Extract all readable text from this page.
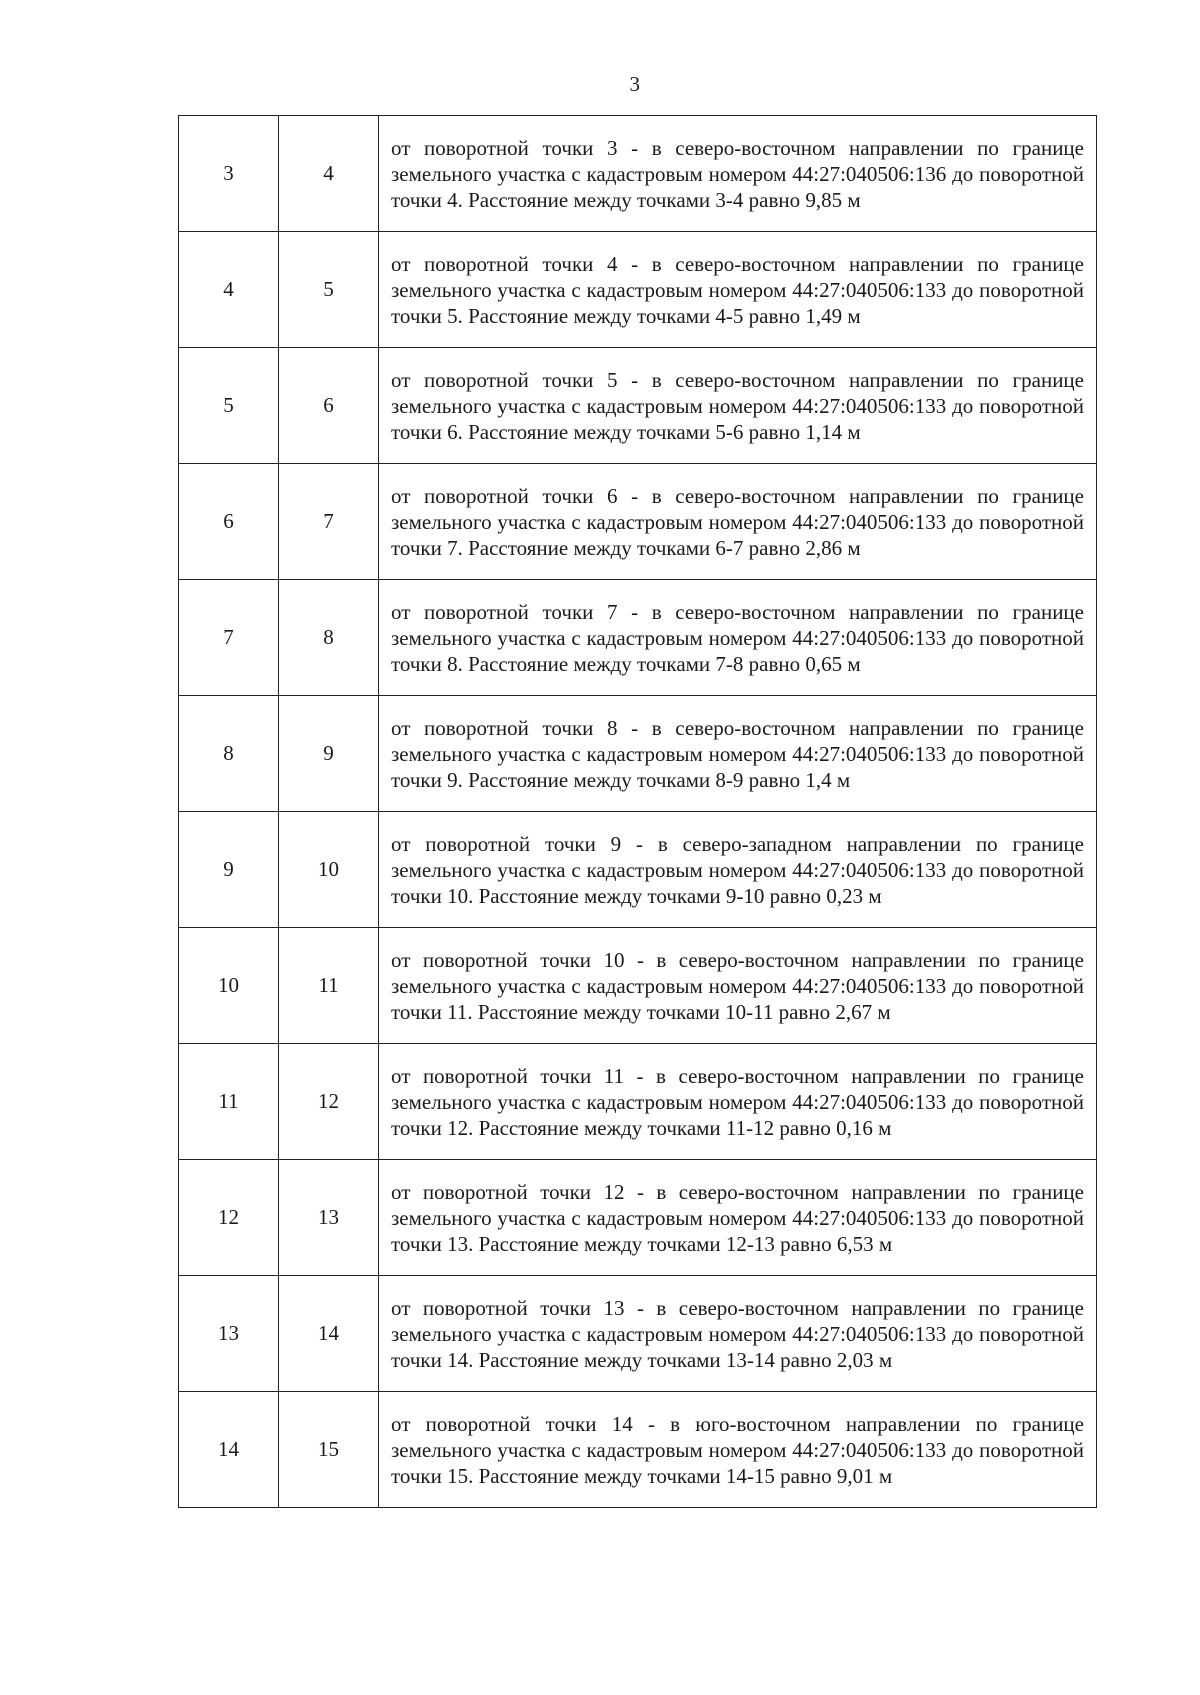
3
3	4	от поворотной точки 3 - в северо-восточном направлении по границе земельного участка с кадастровым номером 44:27:040506:136 до поворотной точки 4. Расстояние между точками 3-4 равно 9,85 м
4	5	от поворотной точки 4 - в северо-восточном направлении по границе земельного участка с кадастровым номером 44:27:040506:133 до поворотной точки 5. Расстояние между точками 4-5 равно 1,49 м
5	6	от поворотной точки 5 - в северо-восточном направлении по границе земельного участка с кадастровым номером 44:27:040506:133 до поворотной точки 6. Расстояние между точками 5-6 равно 1,14 м
6	7	от поворотной точки 6 - в северо-восточном направлении по границе земельного участка с кадастровым номером 44:27:040506:133 до поворотной точки 7. Расстояние между точками 6-7 равно 2,86 м
7	8	от поворотной точки 7 - в северо-восточном направлении по границе земельного участка с кадастровым номером 44:27:040506:133 до поворотной точки 8. Расстояние между точками 7-8 равно 0,65 м
8	9	от поворотной точки 8 - в северо-восточном направлении по границе земельного участка с кадастровым номером 44:27:040506:133 до поворотной точки 9. Расстояние между точками 8-9 равно 1,4 м
9	10	от поворотной точки 9 - в северо-западном направлении по границе земельного участка с кадастровым номером 44:27:040506:133 до поворотной точки 10. Расстояние между точками 9-10 равно 0,23 м
10	11	от поворотной точки 10 - в северо-восточном направлении по границе земельного участка с кадастровым номером 44:27:040506:133 до поворотной точки 11. Расстояние между точками 10-11 равно 2,67 м
11	12	от поворотной точки 11 - в северо-восточном направлении по границе земельного участка с кадастровым номером 44:27:040506:133 до поворотной точки 12. Расстояние между точками 11-12 равно 0,16 м
12	13	от поворотной точки 12 - в северо-восточном направлении по границе земельного участка с кадастровым номером 44:27:040506:133 до поворотной точки 13. Расстояние между точками 12-13 равно 6,53 м
13	14	от поворотной точки 13 - в северо-восточном направлении по границе земельного участка с кадастровым номером 44:27:040506:133 до поворотной точки 14. Расстояние между точками 13-14 равно 2,03 м
14	15	от поворотной точки 14 - в юго-восточном направлении по границе земельного участка с кадастровым номером 44:27:040506:133 до поворотной точки 15. Расстояние между точками 14-15 равно 9,01 м
